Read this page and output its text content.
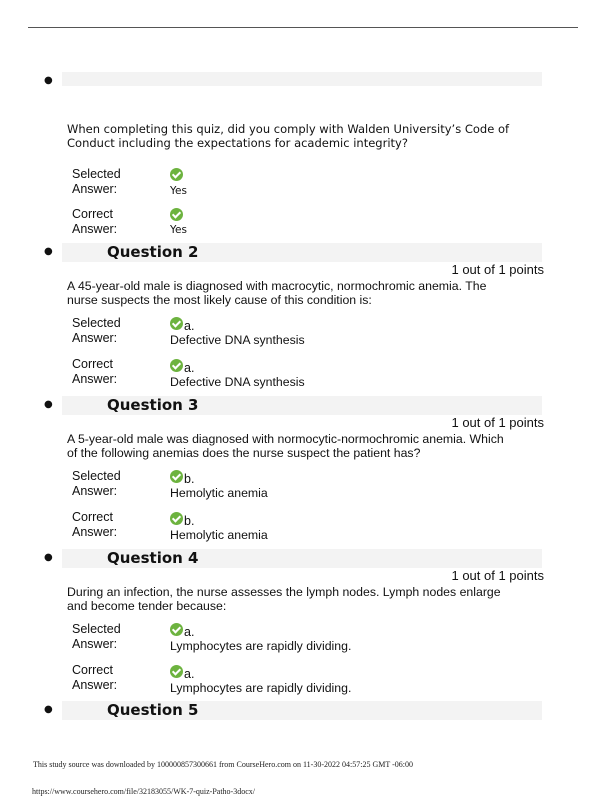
●
When completing this quiz, did you comply with Walden University’s Code of Conduct including the expectations for academic integrity?
Selected
Answer:	Yes
Correct
Answer:	Yes
●	Question 2
1 out of 1 points
A 45-year-old male is diagnosed with macrocytic, normochromic anemia. The nurse suspects the most likely cause of this condition is:
Selected
Answer:
a.
Defective DNA synthesis
Correct
Answer:
a.
Defective DNA synthesis
●	Question 3
1 out of 1 points
A 5-year-old male was diagnosed with normocytic-normochromic anemia. Which of the following anemias does the nurse suspect the patient has?
Selected
Answer:
b.
Hemolytic anemia
Correct
Answer:
b.
Hemolytic anemia
●	Question 4
1 out of 1 points
During an infection, the nurse assesses the lymph nodes. Lymph nodes enlarge and become tender because:
Selected
Answer:
a.
Lymphocytes are rapidly dividing.
Correct
Answer:
a.
Lymphocytes are rapidly dividing.
●	Question 5
This study source was downloaded by 100000857300661 from CourseHero.com on 11-30-2022 04:57:25 GMT -06:00
https://www.coursehero.com/file/32183055/WK-7-quiz-Patho-3docx/
